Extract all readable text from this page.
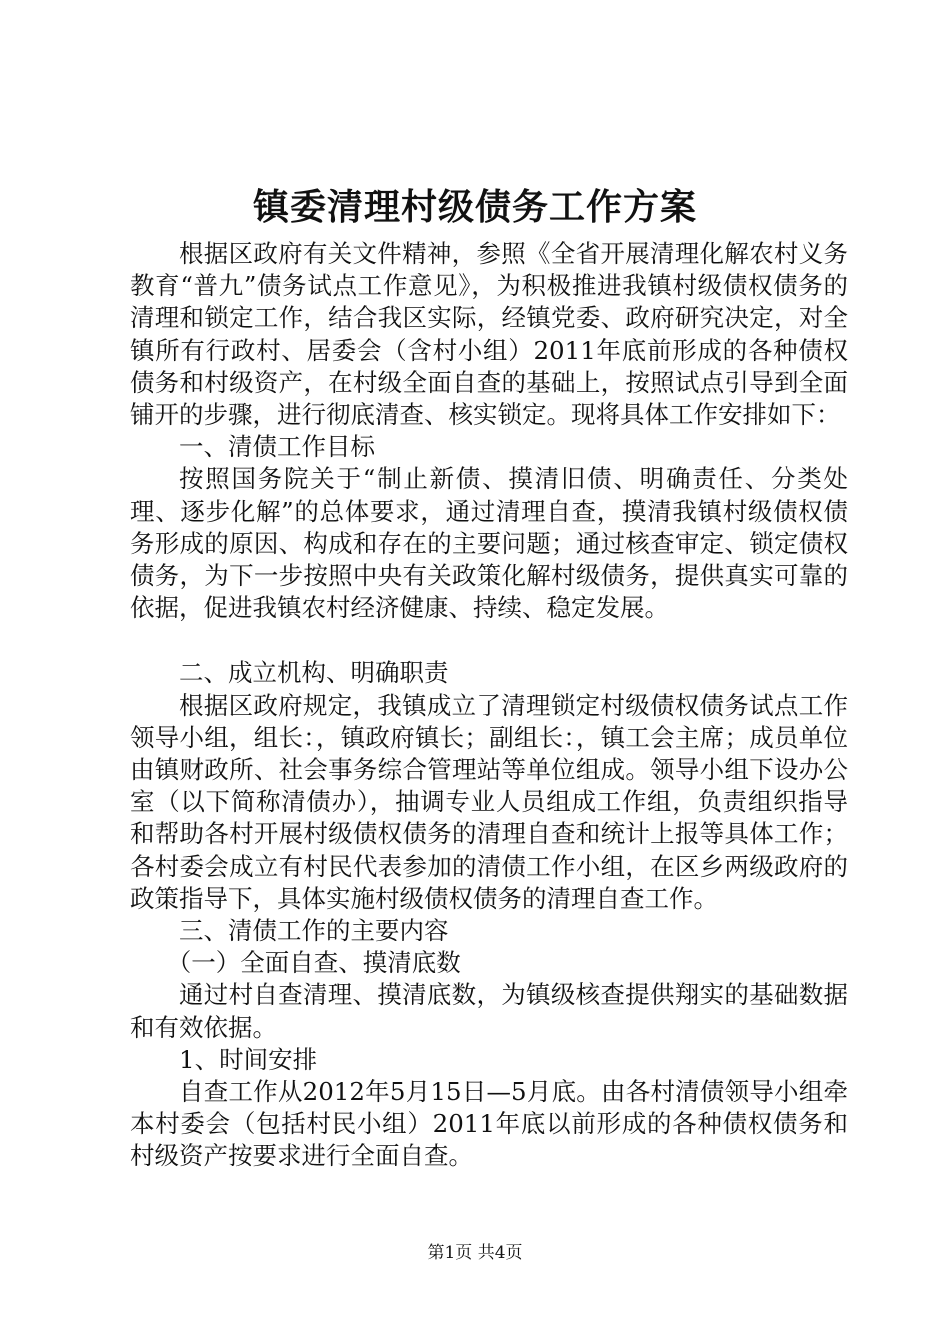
镇委清理村级债务工作方案

根据区政府有关文件精神，参照《全省开展清理化解农村义务教育“普九”债务试点工作意见》，为积极推进我镇村级债权债务的清理和锁定工作，结合我区实际，经镇党委、政府研究决定，对全镇所有行政村、居委会（含村小组）2011年底前形成的各种债权债务和村级资产，在村级全面自查的基础上，按照试点引导到全面铺开的步骤，进行彻底清查、核实锁定。现将具体工作安排如下：

一、清债工作目标

按照国务院关于“制止新债、摸清旧债、明确责任、分类处理、逐步化解”的总体要求，通过清理自查，摸清我镇村级债权债务形成的原因、构成和存在的主要问题；通过核查审定、锁定债权债务，为下一步按照中央有关政策化解村级债务，提供真实可靠的依据，促进我镇农村经济健康、持续、稳定发展。

二、成立机构、明确职责

根据区政府规定，我镇成立了清理锁定村级债权债务试点工作领导小组，组长：，镇政府镇长；副组长：，镇工会主席；成员单位由镇财政所、社会事务综合管理站等单位组成。领导小组下设办公室（以下简称清债办），抽调专业人员组成工作组，负责组织指导和帮助各村开展村级债权债务的清理自查和统计上报等具体工作；各村委会成立有村民代表参加的清债工作小组，在区乡两级政府的政策指导下，具体实施村级债权债务的清理自查工作。

三、清债工作的主要内容

（一）全面自查、摸清底数

通过村自查清理、摸清底数，为镇级核查提供翔实的基础数据和有效依据。

1、时间安排

自查工作从2012年5月15日—5月底。由各村清债领导小组牵本村委会（包括村民小组）2011年底以前形成的各种债权债务和村级资产按要求进行全面自查。

第1页 共4页
